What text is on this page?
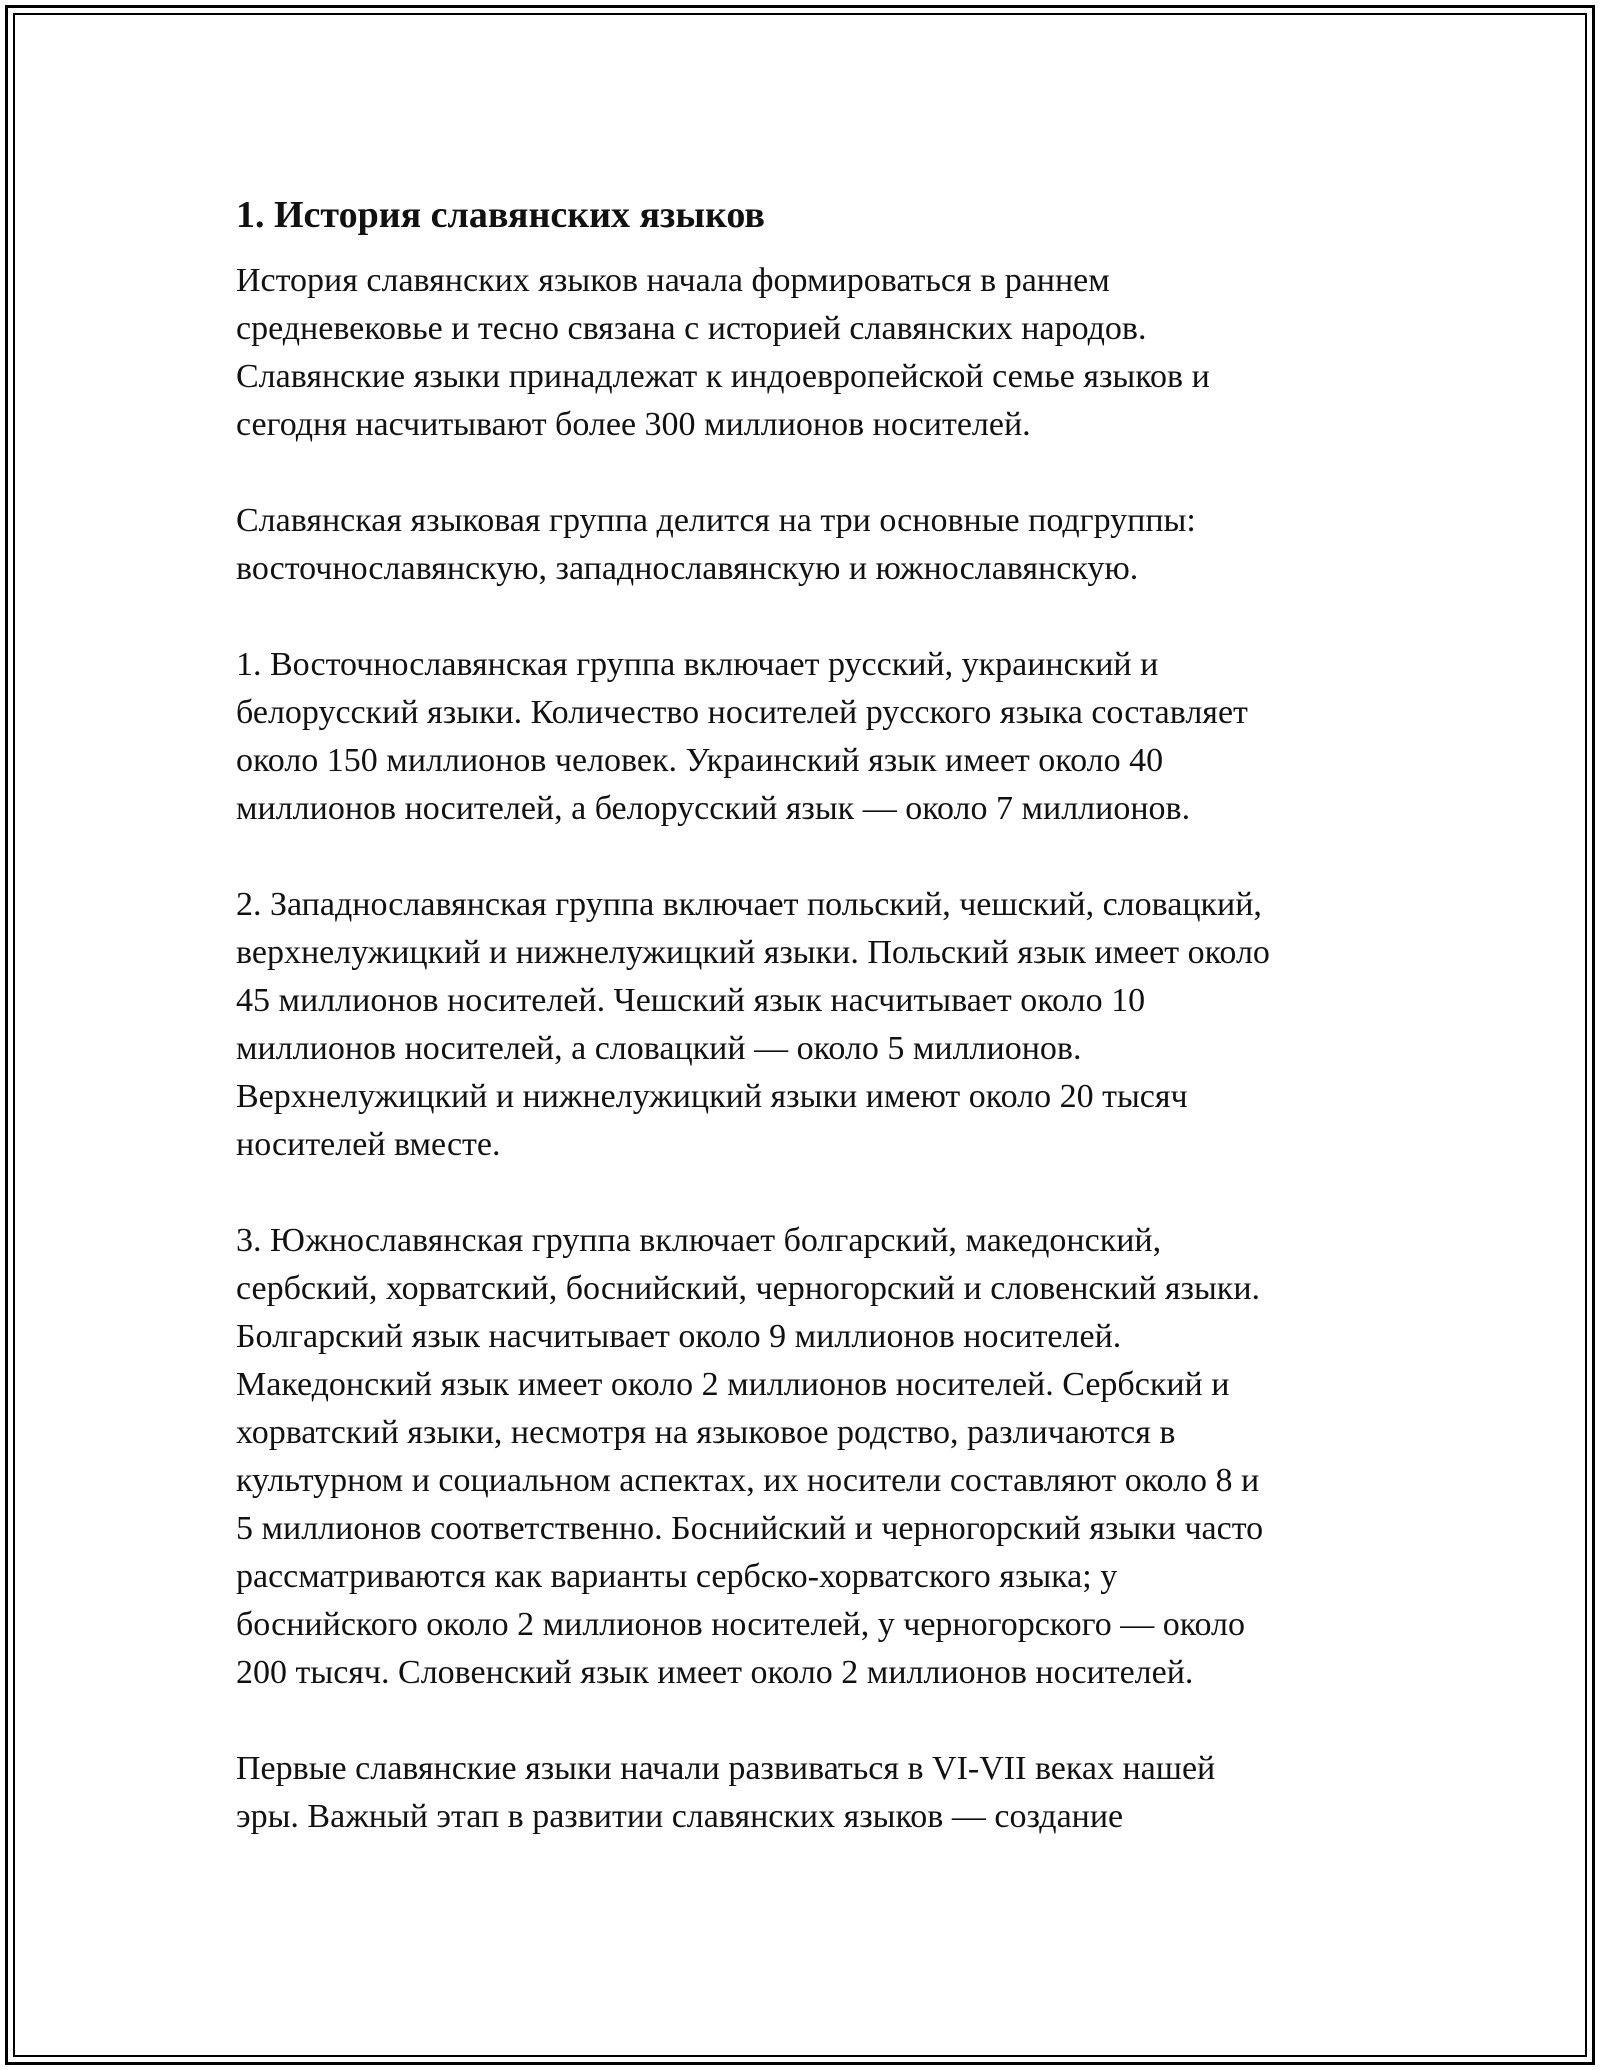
1. История славянских языков

История славянских языков начала формироваться в раннем
средневековье и тесно связана с историей славянских народов.
Славянские языки принадлежат к индоевропейской семье языков и
сегодня насчитывают более 300 миллионов носителей.

Славянская языковая группа делится на три основные подгруппы:
восточнославянскую, западнославянскую и южнославянскую.

1. Восточнославянская группа включает русский, украинский и
белорусский языки. Количество носителей русского языка составляет
около 150 миллионов человек. Украинский язык имеет около 40
миллионов носителей, а белорусский язык — около 7 миллионов.

2. Западнославянская группа включает польский, чешский, словацкий,
верхнелужицкий и нижнелужицкий языки. Польский язык имеет около
45 миллионов носителей. Чешский язык насчитывает около 10
миллионов носителей, а словацкий — около 5 миллионов.
Верхнелужицкий и нижнелужицкий языки имеют около 20 тысяч
носителей вместе.

3. Южнославянская группа включает болгарский, македонский,
сербский, хорватский, боснийский, черногорский и словенский языки.
Болгарский язык насчитывает около 9 миллионов носителей.
Македонский язык имеет около 2 миллионов носителей. Сербский и
хорватский языки, несмотря на языковое родство, различаются в
культурном и социальном аспектах, их носители составляют около 8 и
5 миллионов соответственно. Боснийский и черногорский языки часто
рассматриваются как варианты сербско-хорватского языка; у
боснийского около 2 миллионов носителей, у черногорского — около
200 тысяч. Словенский язык имеет около 2 миллионов носителей.

Первые славянские языки начали развиваться в VI-VII веках нашей
эры. Важный этап в развитии славянских языков — создание
